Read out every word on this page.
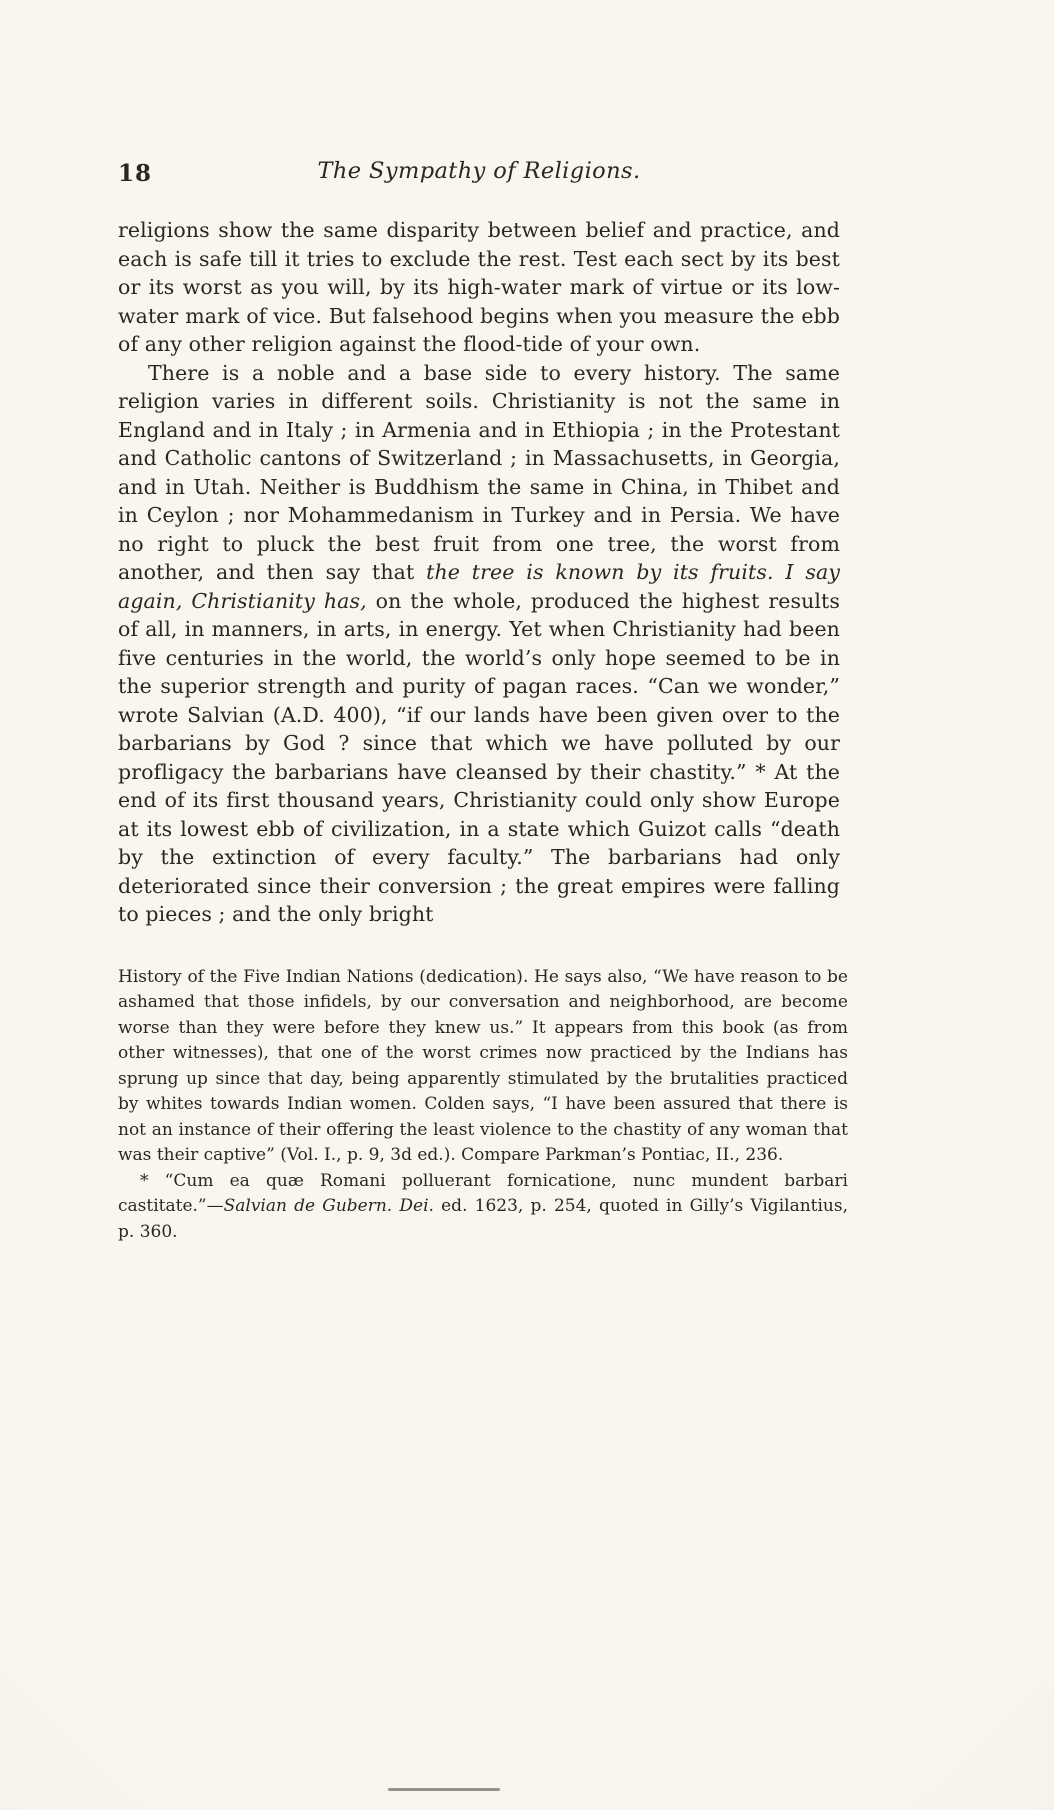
18	The Sympathy of Religions.

religions show the same disparity between belief and practice, and each is safe till it tries to exclude the rest. Test each sect by its best or its worst as you will, by its high-water mark of virtue or its low-water mark of vice. But falsehood begins when you measure the ebb of any other religion against the flood-tide of your own.

There is a noble and a base side to every history. The same religion varies in different soils. Christianity is not the same in England and in Italy ; in Armenia and in Ethiopia ; in the Protestant and Catholic cantons of Switzerland ; in Massachusetts, in Georgia, and in Utah. Neither is Buddhism the same in China, in Thibet and in Ceylon ; nor Mohammedanism in Turkey and in Persia. We have no right to pluck the best fruit from one tree, the worst from another, and then say that the tree is known by its fruits. I say again, Christianity has, on the whole, produced the highest results of all, in manners, in arts, in energy. Yet when Christianity had been five centuries in the world, the world’s only hope seemed to be in the superior strength and purity of pagan races. “Can we wonder,” wrote Salvian (A.D. 400), “if our lands have been given over to the barbarians by God ? since that which we have polluted by our profligacy the barbarians have cleansed by their chastity.” * At the end of its first thousand years, Christianity could only show Europe at its lowest ebb of civilization, in a state which Guizot calls “death by the extinction of every faculty.” The barbarians had only deteriorated since their conversion ; the great empires were falling to pieces ; and the only bright

History of the Five Indian Nations (dedication). He says also, “We have reason to be ashamed that those infidels, by our conversation and neighborhood, are become worse than they were before they knew us.” It appears from this book (as from other witnesses), that one of the worst crimes now practiced by the Indians has sprung up since that day, being apparently stimulated by the brutalities practiced by whites towards Indian women. Colden says, “I have been assured that there is not an instance of their offering the least violence to the chastity of any woman that was their captive” (Vol. I., p. 9, 3d ed.). Compare Parkman’s Pontiac, II., 236.

* “Cum ea quæ Romani polluerant fornicatione, nunc mundent barbari castitate.”—Salvian de Gubern. Dei. ed. 1623, p. 254, quoted in Gilly’s Vigilantius, p. 360.
